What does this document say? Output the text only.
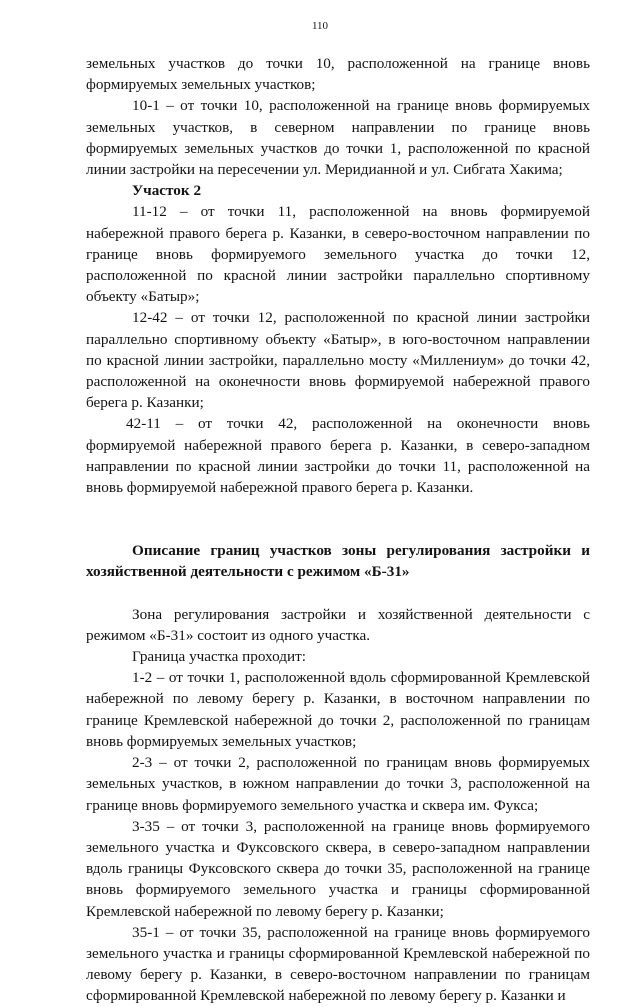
110

земельных участков до точки 10, расположенной на границе вновь формируемых земельных участков;

10-1 – от точки 10, расположенной на границе вновь формируемых земельных участков, в северном направлении по границе вновь формируемых земельных участков до точки 1, расположенной по красной линии застройки на пересечении ул. Меридианной и ул. Сибгата Хакима;

Участок 2

11-12 – от точки 11, расположенной на вновь формируемой набережной правого берега р. Казанки, в северо-восточном направлении по границе вновь формируемого земельного участка до точки 12, расположенной по красной линии застройки параллельно спортивному объекту «Батыр»;

12-42 – от точки 12, расположенной по красной линии застройки параллельно спортивному объекту «Батыр», в юго-восточном направлении по красной линии застройки, параллельно мосту «Миллениум» до точки 42, расположенной на оконечности вновь формируемой набережной правого берега р. Казанки;

42-11 – от точки 42, расположенной на оконечности вновь формируемой набережной правого берега р. Казанки, в северо-западном направлении по красной линии застройки до точки 11, расположенной на вновь формируемой набережной правого берега р. Казанки.

Описание границ участков зоны регулирования застройки и хозяйственной деятельности с режимом «Б-31»

Зона регулирования застройки и хозяйственной деятельности с режимом «Б-31» состоит из одного участка.

Граница участка проходит:

1-2 – от точки 1, расположенной вдоль сформированной Кремлевской набережной по левому берегу р. Казанки, в восточном направлении по границе Кремлевской набережной до точки 2, расположенной по границам вновь формируемых земельных участков;

2-3 – от точки 2, расположенной по границам вновь формируемых земельных участков, в южном направлении до точки 3, расположенной на границе вновь формируемого земельного участка и сквера им. Фукса;

3-35 – от точки 3, расположенной на границе вновь формируемого земельного участка и Фуксовского сквера, в северо-западном направлении вдоль границы Фуксовского сквера до точки 35, расположенной на границе вновь формируемого земельного участка и границы сформированной Кремлевской набережной по левому берегу р. Казанки;

35-1 – от точки 35, расположенной на границе вновь формируемого земельного участка и границы сформированной Кремлевской набережной по левому берегу р. Казанки, в северо-восточном направлении по границам сформированной Кремлевской набережной по левому берегу р. Казанки и
